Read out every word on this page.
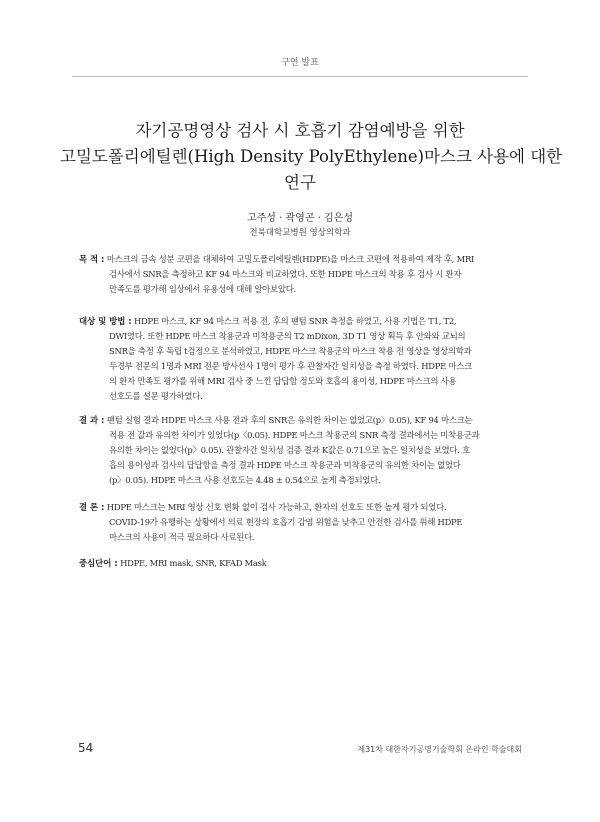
구연 발표
자기공명영상 검사 시 호흡기 감염예방을 위한
고밀도폴리에틸렌(High Density PolyEthylene)마스크 사용에 대한
연구
고주성 · 곽영곤 · 김은성
전북대학교병원 영상의학과
목 적 : 마스크의 금속 성분 코편을 대체하여 고밀도폴리에틸렌(HDPE)을 마스크 코편에 적용하여 제작 후, MRI
검사에서 SNR을 측정하고 KF 94 마스크와 비교하였다. 또한 HDPE 마스크의 착용 후 검사 시 환자
만족도를 평가해 임상에서 유용성에 대해 알아보았다.
대상 및 방법 : HDPE 마스크, KF 94 마스크 적용 전, 후의 팬텀 SNR 측정을 하였고, 사용 기법은 T1, T2,
DWI였다. 또한 HDPE 마스크 착용군과 미착용군의 T2 mDixon, 3D T1 영상 획득 후 안와와 교뇌의
SNR을 측정 후 독립 t검정으로 분석하였고, HDPE 마스크 착용군의 마스크 착용 전 영상을 영상의학과
두경부 전문의 1명과 MRI 전문 방사선사 1명이 평가 후 관찰자간 일치성을 측정 하였다. HDPE 마스크
의 환자 만족도 평가를 위해 MRI 검사 중 느낀 답답함 정도와 호흡의 용이성, HDPE 마스크의 사용
선호도를 설문 평가하였다.
결 과 : 팬텀 실험 결과 HDPE 마스크 사용 전과 후의 SNR은 유의한 차이는 없었고(p〉0.05), KF 94 마스크는
적용 전 값과 유의한 차이가 있었다(p〈0.05). HDPE 마스크 착용군의 SNR 측정 결과에서는 미착용군과
유의한 차이는 없었다(p〉0.05). 관찰자간 일치성 검증 결과 K값은 0.71으로 높은 일치성을 보였다. 호
흡의 용이성과 검사의 답답함을 측정 결과 HDPE 마스크 착용군과 미착용군의 유의한 차이는 없었다
(p〉0.05). HDPE 마스크 사용 선호도는 4.48 ± 0.54으로 높게 측정되었다.
결 론 : HDPE 마스크는 MRI 영상 신호 변화 없이 검사 가능하고, 환자의 선호도 또한 높게 평가 되었다.
COVID-19가 유행하는 상황에서 의료 현장의 호흡기 감염 위험을 낮추고 안전한 검사를 위해 HDPE
마스크의 사용이 적극 필요하다 사료된다.
중심단어 : HDPE, MRI mask, SNR, KFAD Mask
54	제31차 대한자기공명기술학회 온라인 학술대회
